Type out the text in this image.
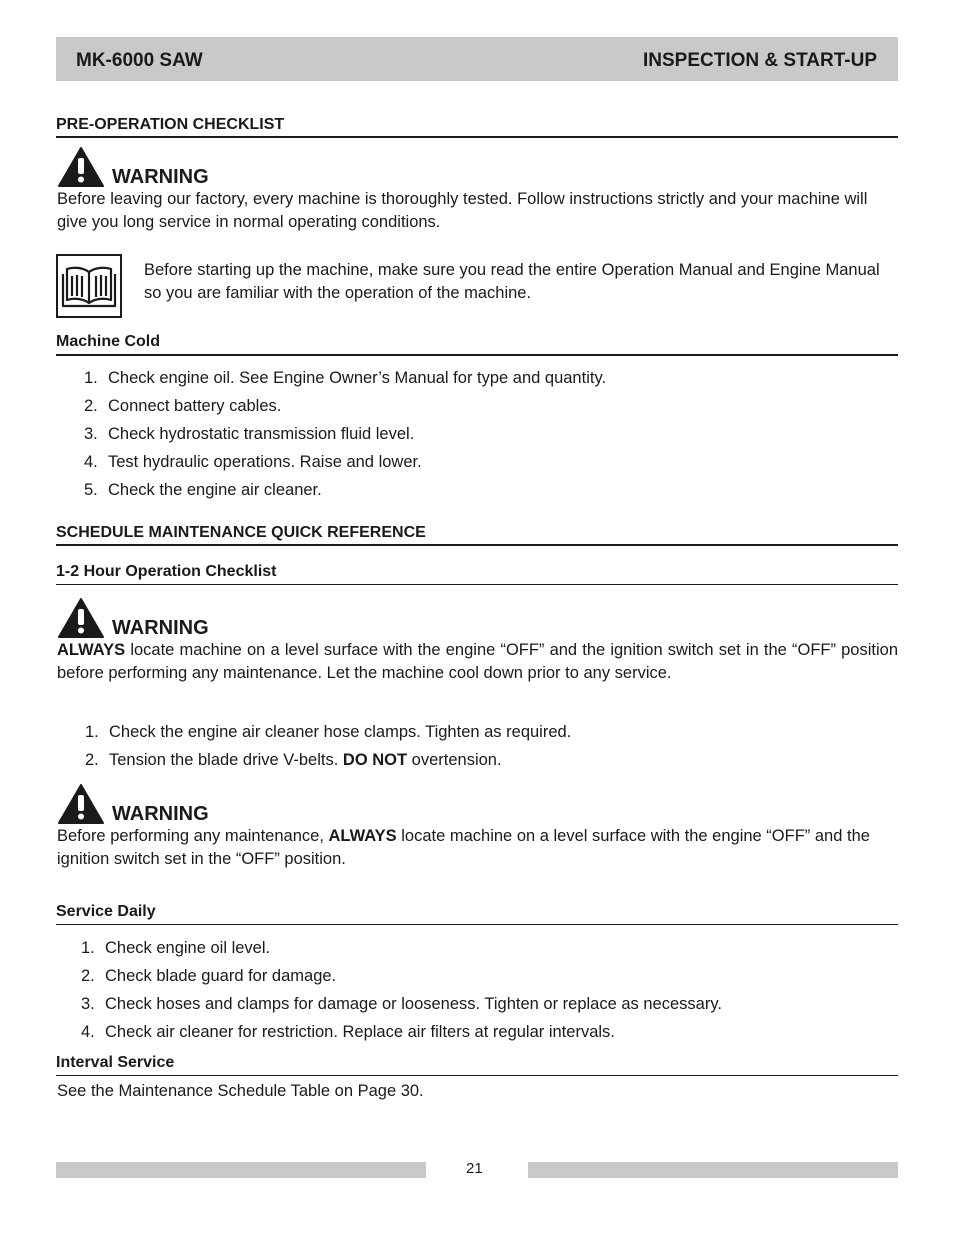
MK-6000 SAW	INSPECTION & START-UP
PRE-OPERATION CHECKLIST
WARNING
Before leaving our factory, every machine is thoroughly tested. Follow instructions strictly and your machine will give you long service in normal operating conditions.
Before starting up the machine, make sure you read the entire Operation Manual and Engine Manual so you are familiar with the operation of the machine.
Machine Cold
1. Check engine oil. See Engine Owner’s Manual for type and quantity.
2. Connect battery cables.
3. Check hydrostatic transmission fluid level.
4. Test hydraulic operations. Raise and lower.
5. Check the engine air cleaner.
SCHEDULE MAINTENANCE QUICK REFERENCE
1-2 Hour Operation Checklist
WARNING
ALWAYS locate machine on a level surface with the engine “OFF” and the ignition switch set in the “OFF” position before performing any maintenance. Let the machine cool down prior to any service.
1. Check the engine air cleaner hose clamps. Tighten as required.
2. Tension the blade drive V-belts. DO NOT overtension.
WARNING
Before performing any maintenance, ALWAYS locate machine on a level surface with the engine “OFF” and the ignition switch set in the “OFF” position.
Service Daily
1. Check engine oil level.
2. Check blade guard for damage.
3. Check hoses and clamps for damage or looseness. Tighten or replace as necessary.
4. Check air cleaner for restriction. Replace air filters at regular intervals.
Interval Service
See the Maintenance Schedule Table on Page 30.
21
